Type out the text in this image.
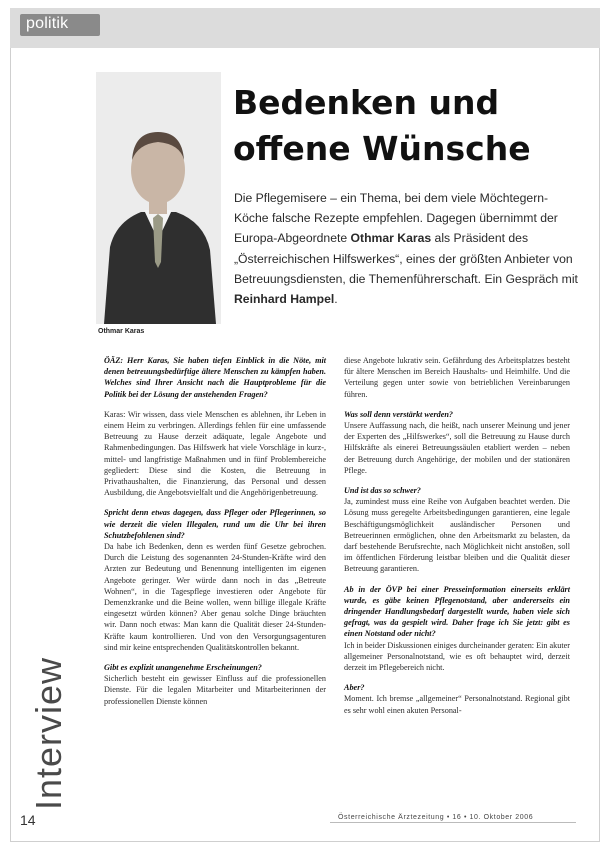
politik
Othmar Karas
Bedenken und
offene Wünsche
Die Pflegemisere – ein Thema, bei dem viele Möchtegern-Köche falsche Rezepte empfehlen. Dagegen übernimmt der Europa-Abgeordnete Othmar Karas als Präsident des „Österreichischen Hilfswerkes“, eines der größten Anbieter von Betreuungsdiensten, die Themenführerschaft. Ein Gespräch mit Reinhard Hampel.

ÖÄZ: Herr Karas, Sie haben tiefen Einblick in die Nöte, mit denen betreuungsbedürftige ältere Menschen zu kämpfen haben. Welches sind Ihrer Ansicht nach die Hauptprobleme für die Politik bei der Lösung der anstehenden Fragen?

Karas: Wir wissen, dass viele Menschen es ablehnen, ihr Leben in einem Heim zu verbringen. Allerdings fehlen für eine umfassende Betreuung zu Hause derzeit adäquate, legale Angebote und Rahmenbedingungen. Das Hilfswerk hat viele Vorschläge in kurz-, mittel- und langfristige Maßnahmen und in fünf Problembereiche gegliedert: Diese sind die Kosten, die Betreuung in Privathaushalten, die Finanzierung, das Personal und dessen Ausbildung, die Angebotsvielfalt und die Angehörigenbetreuung.

Spricht denn etwas dagegen, dass Pfleger oder Pflegerinnen, so wie derzeit die vielen Illegalen, rund um die Uhr bei ihren Schutzbefohlenen sind?

Da habe ich Bedenken, denn es werden fünf Gesetze gebrochen. Durch die Leistung des sogenannten 24-Stunden-Kräfte wird den Arzten zur Bedeutung und Benennung intelligenten im eigenen Angebote geringer. Wer würde dann noch in das „Betreute Wohnen“, in die Tagespflege investieren oder Angebote für Demenzkranke und die Beine wollen, wenn billige illegale Kräfte eingesetzt würden können? Aber genau solche Dinge bräuchten wir. Dann noch etwas: Man kann die Qualität dieser 24-Stunden-Kräfte kaum kontrollieren. Und von den Versorgungsagenturen sind mir keine entsprechenden Qualitätskontrollen bekannt.

Gibt es explizit unangenehme Erscheinungen?

Sicherlich besteht ein gewisser Einfluss auf die professionellen Dienste. Für die legalen Mitarbeiter und Mitarbeiterinnen der professionellen Dienste können

diese Angebote lukrativ sein. Gefährdung des Arbeitsplatzes besteht für ältere Menschen im Bereich Haushalts- und Heimhilfe. Und die Verteilung gegen unter sowie von betrieblichen Vereinbarungen führen.

Was soll denn verstärkt werden?

Unsere Auffassung nach, die heißt, nach unserer Meinung und jener der Experten des „Hilfswerkes“, soll die Betreuung zu Hause durch Hilfskräfte als einerei Betreuungssäulen etabliert werden – neben der Betreuung durch Angehörige, der mobilen und der stationären Pflege.

Und ist das so schwer?

Ja, zumindest muss eine Reihe von Aufgaben beachtet werden. Die Lösung muss geregelte Arbeitsbedingungen garantieren, eine legale Beschäftigungsmöglichkeit ausländischer Personen und Betreuerinnen ermöglichen, ohne den Arbeitsmarkt zu belasten, da darf bestehende Berufsrechte, nach Möglichkeit nicht anstoßen, soll im öffentlichen Förderung leistbar bleiben und die Qualität dieser Betreuung garantieren.

Ab in der ÖVP bei einer Presseinformation einerseits erklärt wurde, es gäbe keinen Pflegenotstand, aber andererseits ein dringender Handlungsbedarf dargestellt wurde, haben viele sich gefragt, was da gespielt wird. Daher frage ich Sie jetzt: gibt es einen Notstand oder nicht?

Ich in beider Diskussionen einiges durcheinander geraten: Ein akuter allgemeiner Personalnotstand, wie es oft behauptet wird, derzeit derzeit im Pflegebereich nicht.

Aber?

Moment. Ich bremse „allgemeiner“ Personalnotstand. Regional gibt es sehr wohl einen akuten Personal-

Interview
14	Österreichische Ärztezeitung • 16 • 10. Oktober 2006
